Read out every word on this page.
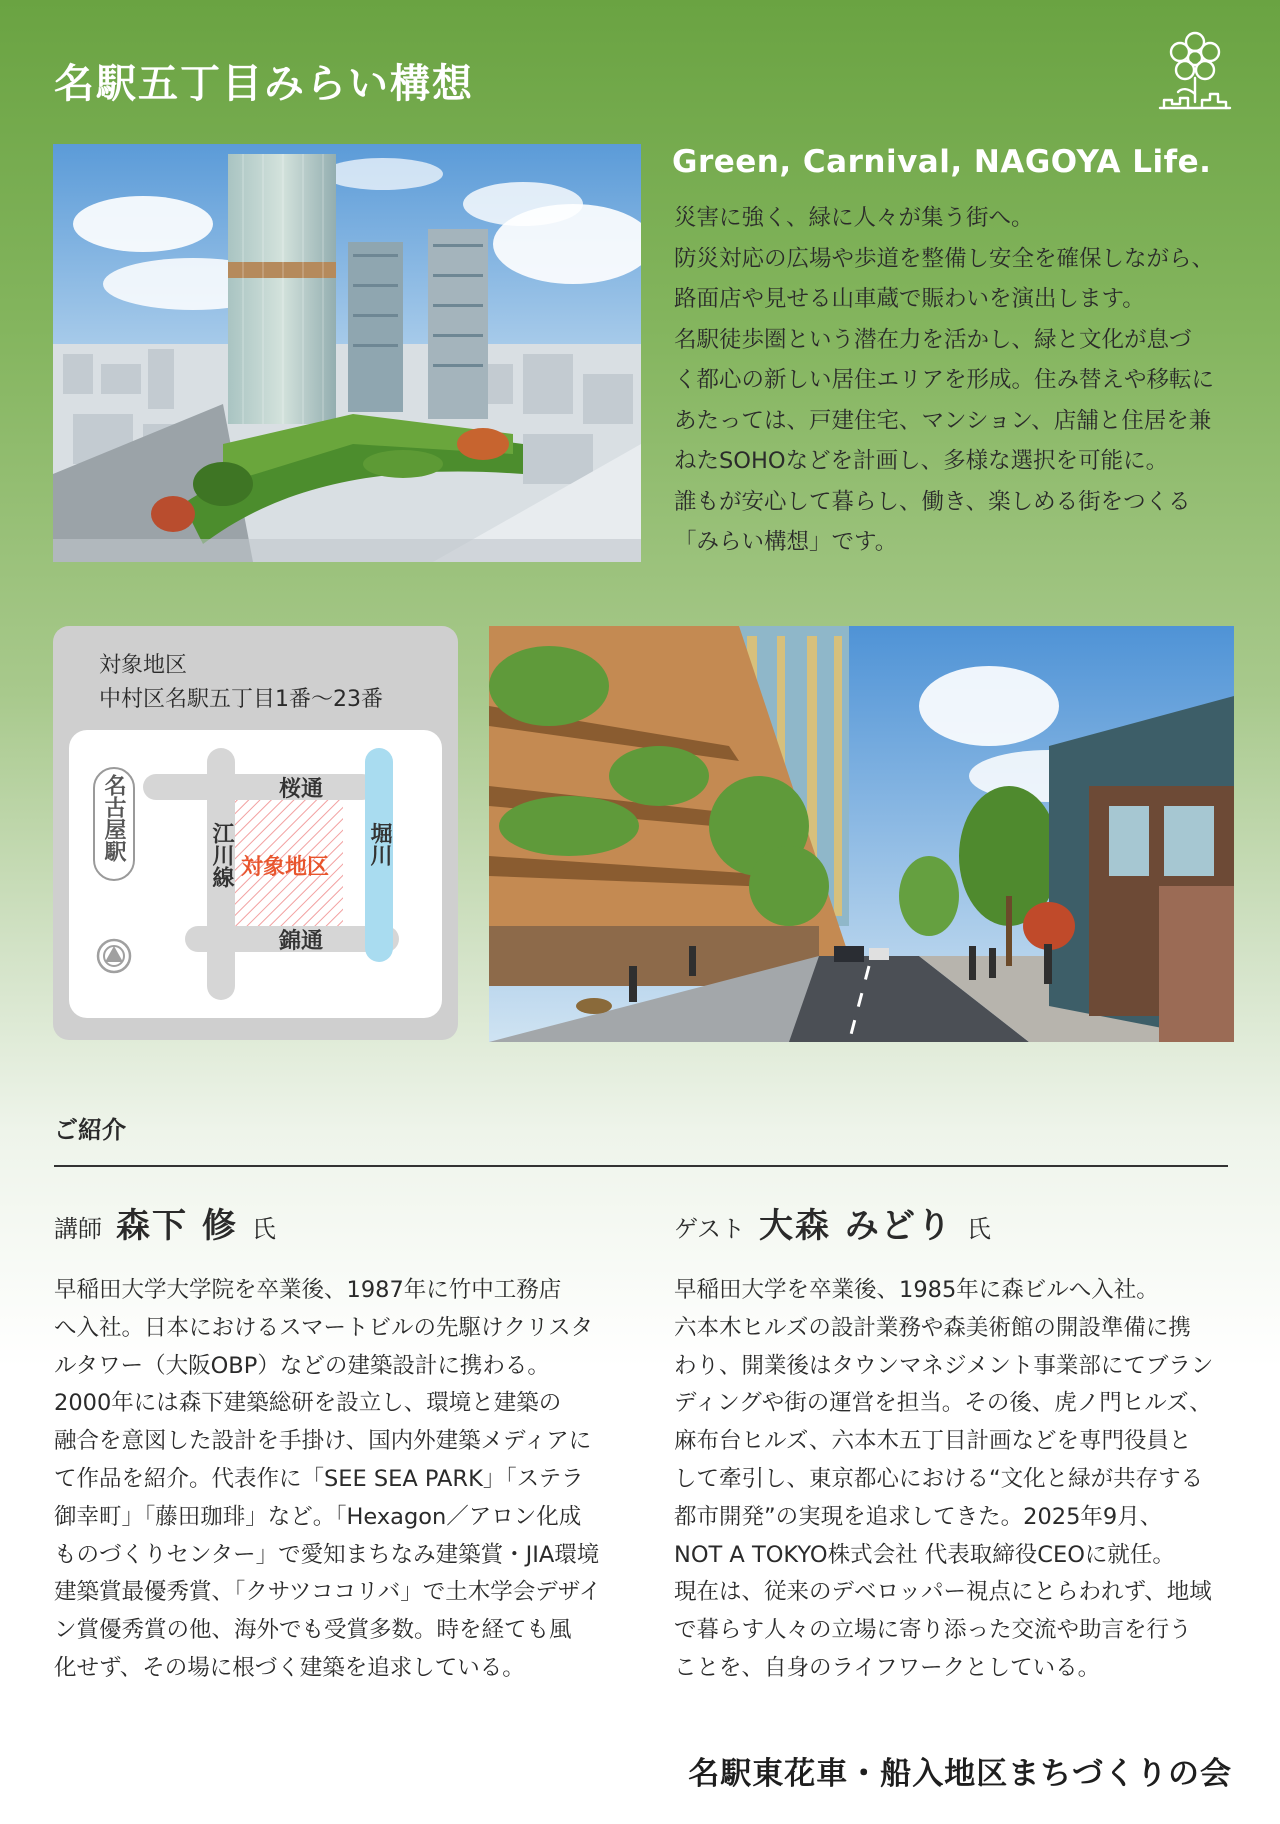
名駅五丁目みらい構想
Green, Carnival, NAGOYA Life.

災害に強く、緑に人々が集う街へ。

防災対応の広場や歩道を整備し安全を確保しながら、

路面店や見せる山車蔵で賑わいを演出します。

名駅徒歩圏という潜在力を活かし、緑と文化が息づ

く都心の新しい居住エリアを形成。住み替えや移転に

あたっては、戸建住宅、マンション、店舗と住居を兼

ねたSOHOなどを計画し、多様な選択を可能に。

誰もが安心して暮らし、働き、楽しめる街をつくる

「みらい構想」です。

対象地区
中村区名駅五丁目1番～23番
名古屋駅	桜通
錦通
江川線	堀川
対象地区
ご紹介
講師 森下 修 氏

早稲田大学大学院を卒業後、1987年に竹中工務店

へ入社。日本におけるスマートビルの先駆けクリスタ

ルタワー（大阪OBP）などの建築設計に携わる。

2000年には森下建築総研を設立し、環境と建築の

融合を意図した設計を手掛け、国内外建築メディアに

て作品を紹介。代表作に「SEE SEA PARK」「ステラ

御幸町」「藤田珈琲」など。「Hexagon／アロン化成

ものづくりセンター」で愛知まちなみ建築賞・JIA環境

建築賞最優秀賞、「クサツココリバ」で土木学会デザイ

ン賞優秀賞の他、海外でも受賞多数。時を経ても風

化せず、その場に根づく建築を追求している。

ゲスト 大森 みどり 氏

早稲田大学を卒業後、1985年に森ビルへ入社。

六本木ヒルズの設計業務や森美術館の開設準備に携

わり、開業後はタウンマネジメント事業部にてブラン

ディングや街の運営を担当。その後、虎ノ門ヒルズ、

麻布台ヒルズ、六本木五丁目計画などを専門役員と

して牽引し、東京都心における“文化と緑が共存する

都市開発”の実現を追求してきた。2025年9月、

NOT A TOKYO株式会社 代表取締役CEOに就任。

現在は、従来のデベロッパー視点にとらわれず、地域

で暮らす人々の立場に寄り添った交流や助言を行う

ことを、自身のライフワークとしている。

名駅東花車・船入地区まちづくりの会
